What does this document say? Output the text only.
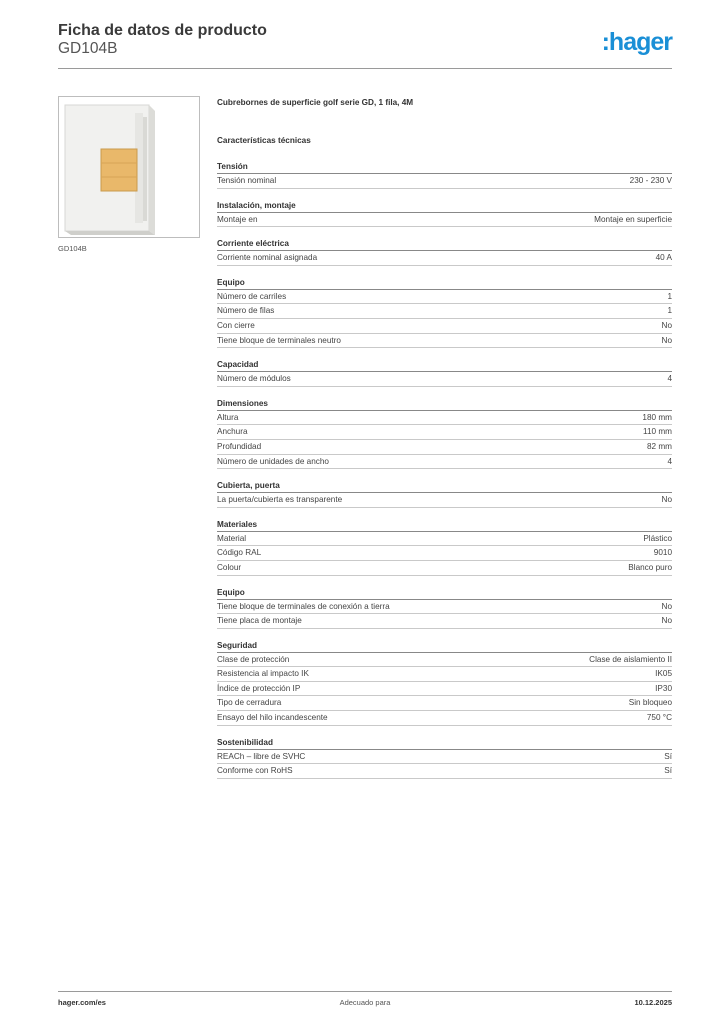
Ficha de datos de producto
GD104B	:hager
GD104B
Cubrebornes de superficie golf serie GD, 1 fila, 4M
Características técnicas
Tensión
Tensión nominal	230 - 230 V
Instalación, montaje
Montaje en	Montaje en superficie
Corriente eléctrica
Corriente nominal asignada	40 A
Equipo
Número de carriles	1
Número de filas	1
Con cierre	No
Tiene bloque de terminales neutro	No
Capacidad
Número de módulos	4
Dimensiones
Altura	180 mm
Anchura	110 mm
Profundidad	82 mm
Número de unidades de ancho	4
Cubierta, puerta
La puerta/cubierta es transparente	No
Materiales
Material	Plástico
Código RAL	9010
Colour	Blanco puro
Equipo
Tiene bloque de terminales de conexión a tierra	No
Tiene placa de montaje	No
Seguridad
Clase de protección	Clase de aislamiento II
Resistencia al impacto IK	IK05
Índice de protección IP	IP30
Tipo de cerradura	Sin bloqueo
Ensayo del hilo incandescente	750 °C
Sostenibilidad
REACh – libre de SVHC	Sí
Conforme con RoHS	Sí
hager.com/es	Adecuado para	10.12.2025
